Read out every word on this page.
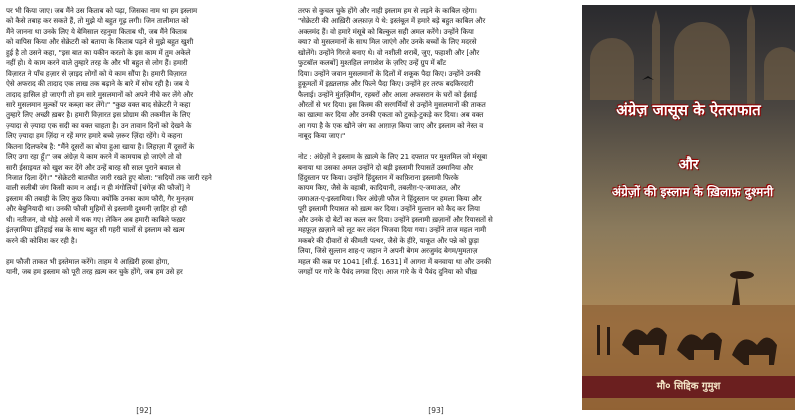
पर भी किया जाए। जब मैंने उस किताब को पढ़ा, जिसका नाम था हम इस्लाम
को कैसे तबाह कर सकते हैं, तो मुझे यो बहुत गूढ़ लगी। जिन तालीमात को
मैंने जानना था उनके लिए ये बेमिसाल रहनुमा किताब थी, जब मैंने किताब
को वापिस किया और सेक्रेटरी को बताया के किताब पढ़ने से मुझे बहुत खुशी
हुई है तो उसने कहा, "इस बात का यकीन करलो के इस काम में तुम अकेले
नहीं हो। ये काम करने वाले तुम्हारे तरह के और भी बहुत से लोग हैं। हमारी
विज़ारत ने पाँच हज़ार से ज़ाइद लोगों को ये काम सौंपा है। हमारी विज़ारत
ऐसे अफराद की तादाद एक लाख तक बढ़ाने के बारे में सोच रही है। जब ये
तादाद हासिल हो जाएगी तो हम सारे मुसलमानों को अपने नीचे कर लेंगे और
सारे मुसलमान मुल्कों पर कब्ज़ा कर लेंगे।" "कुछ वक्त बाद सेक्रेटरी ने कहा
तुम्हारे लिए अच्छी ख़बर है। हमारी विज़ारत इस प्रोग्राम की तकमील के लिए
ज़्यादा से ज़्यादा एक सदी का वक्त चाहता है। उन तावान दिनों को देखने के
लिए ज़्यादा हम ज़िंदा न रहें मगर हमारे बच्चे ज़रूर ज़िंदा रहेंगे। ये कहना
कितना दिलफरेब है: "मैंने दूसरों का बोया हुआ खाया है। लिहाज़ा मैं दूसरों के
लिए उगा रहा हूँ।" जब अंग्रेज़ ये काम करने में कामयाब हो जाएंगे तो वो
सारी ईसाइयत को खुश कर देंगे और उन्हें बारह सौ साल पुराने बवाल से
निजात दिला देंगे।" "सेक्रेटरी बातचीत जारी रखते हुए बोला: "सदियों तक जारी रहने
वाली सलीबी जंग किसी काम न आई। न ही मंगोलियों [चंगेज़ की फौजों] ने
इस्लाम की तबाही के लिए कुछ किया। क्योंकि उनका काम फौरी, गैर मुनज़म
और बेबुनियादी था। उनकी फौजी मुहिमों से इस्लामी दुश्मनी ज़ाहिर हो रही
थी। नतीजन, वो थोड़े अरसे में थक गए। लेकिन अब हमारी काबिले फख़र
इंतज़ामिया इंतिहाई सब्र के साथ बहुत सी गहरी चालों से इस्लाम को खत्म
करने की कोशिश कर रही है।
हम फौजी ताकत भी इस्तेमाल करेंगे। ताहम ये आख़िरी हरबा होगा,
यानी, जब हम इस्लाम को पूरी तरह ख़त्म कर चुके होंगे, जब हम उसे हर
[92]
तरफ से कुचल चुके होंगे और नाही इस्लाम हम से लड़ने के काबिल रहेगा।
"सेक्रेटरी की आख़िरी अल्फ़ाज़ ये थे: इस्तंबूल में हमारे बड़े बहुत काबिल और
अक्लमंद हैं। वो हमारे मंसूबे को बिल्कुल सही अमल करेंगे। उन्होंने किया
क्या? वो मुसलमानों के साथ मिल जाएंगे और उनके बच्चों के लिए मदरसे
खोलेंगे। उन्होंने गिरजे बनाए थे। वो नशीली शराबें, जुए, फहाशी और [और
फुटबॉल कलबों] मुश्तहिल लगाशेश के ज़रिए उन्हें ग्रुप में बाँट
दिया। उन्होंने जवान मुसलमानों के दिलों में शकूक पैदा किए। उन्होंने उनकी
हुकूमतों में इख़्तलाफ़ और फित्ने पैदा किए। उन्होंने हर तरफ बदकिरदारी
फैलाई। उन्होंने मुंतज़िमीन, रहबरों और आला अफसरान के घरों को ईसाई
औरतों से भर दिया। इस किस्म की सरगर्मियों से उन्होंने मुसलमानों की ताकत
का खात्मा कर दिया और उनकी एकता को टुकड़े-टुकड़े कर दिया। अब वक्त
आ गया है के एक खौने जंग का आग़ाज़ किया जाए और इस्लाम को नेस्त व
नाबूद किया जाए।"
नोट : अंग्रेज़ों ने इस्लाम के ख़ात्मे के लिए 21 दफ्तात पर मुश्तमिल जो मंसूबा
बनाया था उसका अमल उन्होंने दो बड़ी इस्लामी रियासतें उस्मानिया और
हिंदुस्तान पर किया। उन्होंने हिंदुस्तान में काफ़िराना इस्लामी फिरके
कायम किए, जैसे के वहाबी, कादियानी, तबलीग़-ए-जमाअत, और
जमाअत-ए-इस्लामिया। फिर अंग्रेज़ी फौज ने हिंदुस्तान पर हमला किया और
पूरी इस्लामी रियासत को ख़त्म कर दिया। उन्होंने मुल्तान को कैद कर लिया
और उनके दो बेटों का कत्ल कर दिया। उन्होंने इस्लामी ख़ज़ानों और रियासतों से
महफ़ूज़ ख़ज़ाने को लूट कर लंदन भिजवा दिया गया। उन्होंने ताज महल नामी
मकबरे की दीवारों से कीमती पत्थर, जैसे के हीरे, याकूत और पन्ने को छुड़ा
लिया, जिसे सुल्तान शाह-ए जहान ने अपनी बेगम अरजुमंद बेगम/मुमताज़
महल की कब्र पर 1041 [सी.ई. 1631] में आगरा में बनवाया था और उनकी
जगहों पर गारे के पैवंद लगवा दिए। आज गारे के ये पैवंद दुनिया को चीख़
[93]
अंग्रेज़ जासूस के ऐतराफात
और
अंग्रेज़ों की इस्लाम के ख़िलाफ़ दुश्मनी
मौ० सिद्दिक गुमुश
